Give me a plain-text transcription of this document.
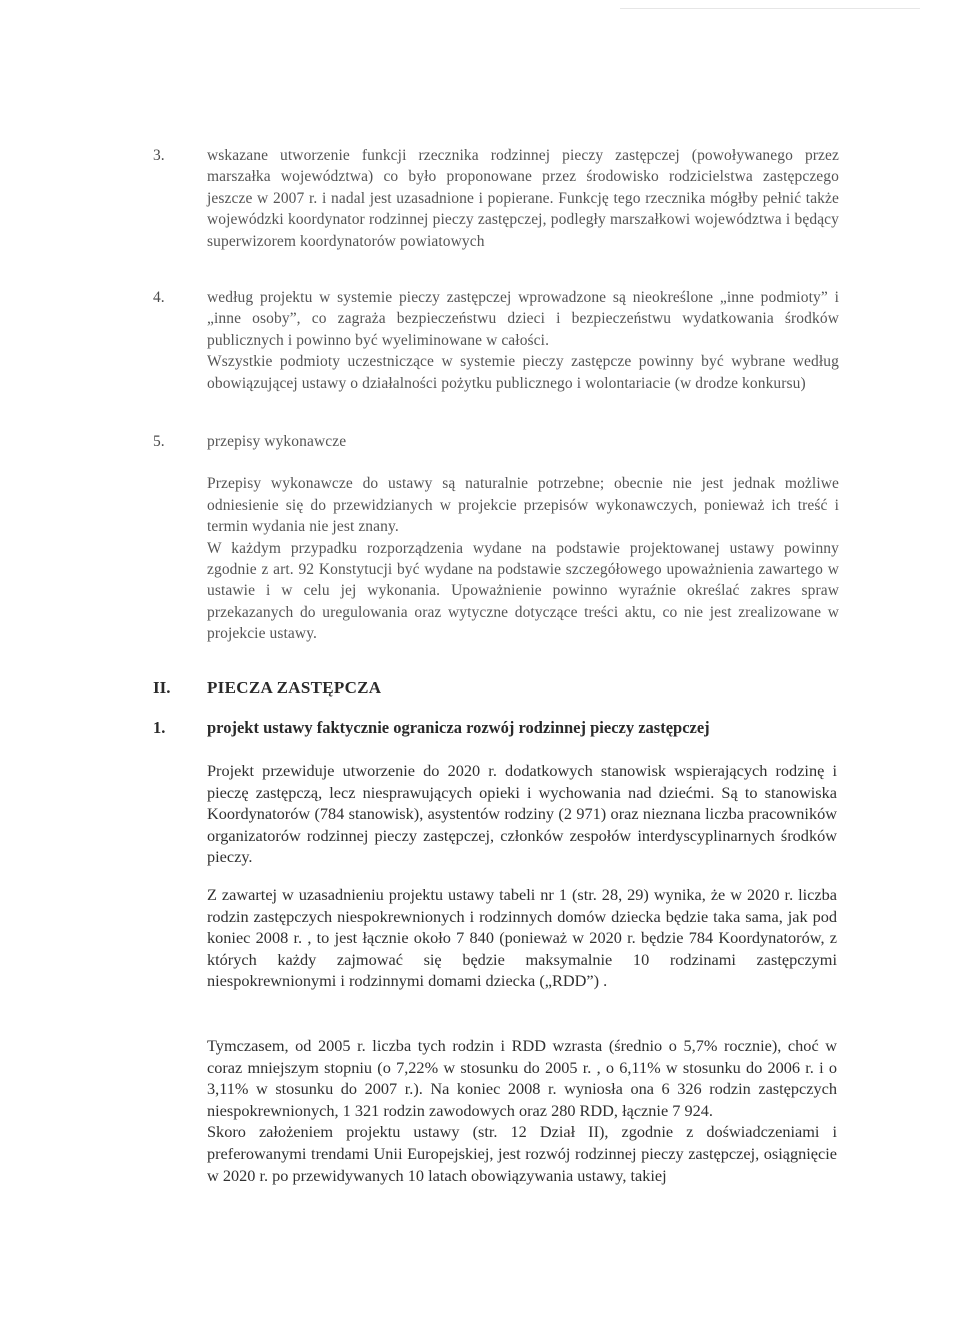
3.	wskazane utworzenie funkcji rzecznika rodzinnej pieczy zastępczej (powoływanego przez marszałka województwa) co było proponowane przez środowisko rodzicielstwa zastępczego jeszcze w 2007 r. i nadal jest uzasadnione i popierane. Funkcję tego rzecznika mógłby pełnić także wojewódzki koordynator rodzinnej pieczy zastępczej, podległy marszałkowi województwa i będący superwizorem koordynatorów powiatowych

4.	według projektu w systemie pieczy zastępczej wprowadzone są nieokreślone „inne podmioty” i „inne osoby”, co zagraża bezpieczeństwu dzieci i bezpieczeństwu wydatkowania środków publicznych i powinno być wyeliminowane w całości.

Wszystkie podmioty uczestniczące w systemie pieczy zastępcze powinny być wybrane według obowiązującej ustawy o działalności pożytku publicznego i wolontariacie (w drodze konkursu)

5.	przepisy wykonawcze

Przepisy wykonawcze do ustawy są naturalnie potrzebne; obecnie nie jest jednak możliwe odniesienie się do przewidzianych w projekcie przepisów wykonawczych, ponieważ ich treść i termin wydania nie jest znany.

W każdym przypadku rozporządzenia wydane na podstawie projektowanej ustawy powinny zgodnie z art. 92 Konstytucji być wydane na podstawie szczegółowego upoważnienia zawartego w ustawie i w celu jej wykonania. Upoważnienie powinno wyraźnie określać zakres spraw przekazanych do uregulowania oraz wytyczne dotyczące treści aktu, co nie jest zrealizowane w projekcie ustawy.

II. PIECZA ZASTĘPCZA
1.	projekt ustawy faktycznie ogranicza rozwój rodzinnej pieczy zastępczej

Projekt przewiduje utworzenie do 2020 r. dodatkowych stanowisk wspierających rodzinę i pieczę zastępczą, lecz niesprawujących opieki i wychowania nad dziećmi. Są to stanowiska Koordynatorów (784 stanowisk), asystentów rodziny (2 971) oraz nieznana liczba pracowników organizatorów rodzinnej pieczy zastępczej, członków zespołów interdyscyplinarnych środków pieczy.

Z zawartej w uzasadnieniu projektu ustawy tabeli nr 1 (str. 28, 29) wynika, że w 2020 r. liczba rodzin zastępczych niespokrewnionych i rodzinnych domów dziecka będzie taka sama, jak pod koniec 2008 r. , to jest łącznie około 7 840 (ponieważ w 2020 r. będzie 784 Koordynatorów, z których każdy zajmować się będzie maksymalnie 10 rodzinami zastępczymi niespokrewnionymi i rodzinnymi domami dziecka („RDD”) .

Tymczasem, od 2005 r. liczba tych rodzin i RDD wzrasta (średnio o 5,7% rocznie), choć w coraz mniejszym stopniu (o 7,22% w stosunku do 2005 r. , o 6,11% w stosunku do 2006 r. i o 3,11% w stosunku do 2007 r.). Na koniec 2008 r. wyniosła ona 6 326 rodzin zastępczych niespokrewnionych, 1 321 rodzin zawodowych oraz 280 RDD, łącznie 7 924.

Skoro założeniem projektu ustawy (str. 12 Dział II), zgodnie z doświadczeniami i preferowanymi trendami Unii Europejskiej, jest rozwój rodzinnej pieczy zastępczej, osiągnięcie w 2020 r. po przewidywanych 10 latach obowiązywania ustawy, takiej
